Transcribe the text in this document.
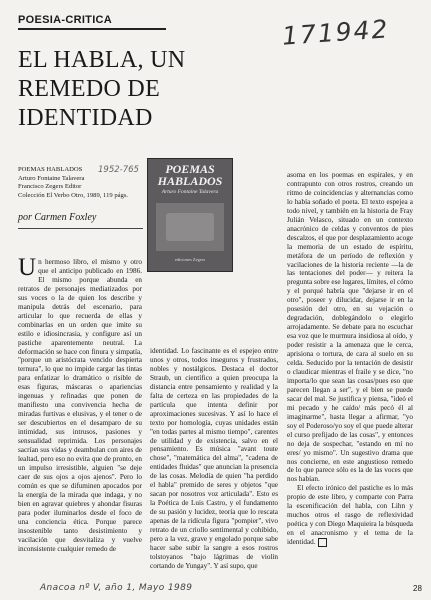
POESIA-CRITICA	171942
EL HABLA, UN REMEDO DE IDENTIDAD
POEMAS
HABLADOS
Arturo Fontaine Talavera
ediciones Zegers
POEMAS HABLADOS
Arturo Fontaine Talavera
Francisco Zegers Editor
Colección El Verbo Otro, 1989, 119 págs.
1952-765
por Carmen Foxley

Un hermoso libro, el mismo y otro que el anticipo publicado en 1986. El mismo porque abunda en retratos de personajes mediatizados por sus voces o la de quien los describe y manipula detrás del escenario, para articular lo que recuerda de ellas y combinarlas en un orden que imite su estilo e idiosincrasia, y configure así un pastiche aparentemente neutral. La deformación se hace con finura y simpatía, "porque un aristócrata vencido despierta ternura", lo que no impide cargar las tintas para enfatizar lo dramático o risible de esas figuras, máscaras o apariencias ingenuas y refinadas que ponen de manifiesto una convivencia hecha de miradas furtivas e elusivas, y el tener o de ser descubiertos en el desamparo de su intimidad, sus intrusos, pasiones y sensualidad reprimida. Los personajes sacrían sus vidas y deambulan con aires de lealtad, pero eso no evita que de pronto, en un impulso irresistible, alguien "se deje caer de sus ojos a ojos ajenos". Pero lo común es que se difuminen apocados por la energía de la mirada que indaga, y no bien en agravar quiebres y ahondar fisuras para poder iluminarlos desde el foco de una conciencia ética. Porque parece insostenible tanto desistimiento y vacilación que desvitaliza y vuelve inconsistente cualquier remedo de

identidad. Lo fascinante es el espejeo entre unos y otros, todos inseguros y frustrados, nobles y nostálgicos. Destaca el doctor Straub, un científico a quien preocupa la distancia entre pensamiento y realidad y la falta de certeza en las propiedades de la partícula que intenta definir por aproximaciones sucesivas. Y así lo hace el texto por homología, cuyas unidades están "en todas partes al mismo tiempo", carentes de utilidad y de existencia, salvo en el pensamiento. Es música "avant toute chose", "matemática del alma", "cadena de entidades fluidas" que anuncian la presencia de las cosas. Melodía de quien "ha perdido el habla" premido de seres y objetos "que sacan por nosotros voz articulada". Esto es la Poética de Luis Castro, y el fundamento de su pasión y lucidez, teoría que lo rescata apenas de la ridícula figura "pompier", vivo retrato de un criollo sentimental y cohibido, pero a la vez, grave y engolado porque sabe hacer sabe subir la sangre a esos rostros tolstoyanos "bajo lágrimas de violín cortando de Yungay". Y así supo, que

asoma en los poemas en espirales, y en contrapunto con otros rostros, creando un ritmo de coincidencias y alternancias como lo había soñado el poeta. El texto espejea a todo nivel, y también en la historia de Fray Julián Velasco, situado en un contexto anacrónico de celdas y conventos de pies descalzos, el que por desplazamiento acoge la memoria de un estado de espíritu, metáfora de un período de reflexión y vacilaciones de la historia reciente —la de las tentaciones del poder— y reitera la pregunta sobre ese lugares, límites, el cómo y el porqué habría que "dejarse ir en el otro", poseer y dilucidar, dejarse ir en la posesión del otro, en su vejación o degradación, doblegándolo o elegirlo arrojadamente. Se debate para no escuchar esa voz que le murmura insidiosa al oído, y poder resistir a la amenaza que le cerca, aprisiona o tortura, de cara al suelo en su celda. Seducido por la tentación de desistir o claudicar mientras el fraile y se dice, "no importa/lo que sean las cosas/pues eso que parecen llegan a ser", y el bien se puede sacar del mal. Se justifica y piensa, "ideó el mi pecado y he caído/ más pecó él al imaginarme", hasta llegar a afirmar, "yo soy el Poderoso/yo soy el que puede alterar el curso prefijado de las cosas", y entonces no deja de sospechar, "estando en mí no eres/ yo mismo". Un sugestivo drama que nos concierne, en este angustioso remedo de lo que parece sólo es la de las voces que nos habían.

El efecto irónico del pastiche es lo más propio de este libro, y comparte con Parra la escenificación del habla, con Lihn y muchos otros el rasgo de reflexividad poética y con Diego Maquieira la búsqueda en el anacronismo y el tema de la identidad.

Anacoa nº V, año 1, Mayo 1989	28
